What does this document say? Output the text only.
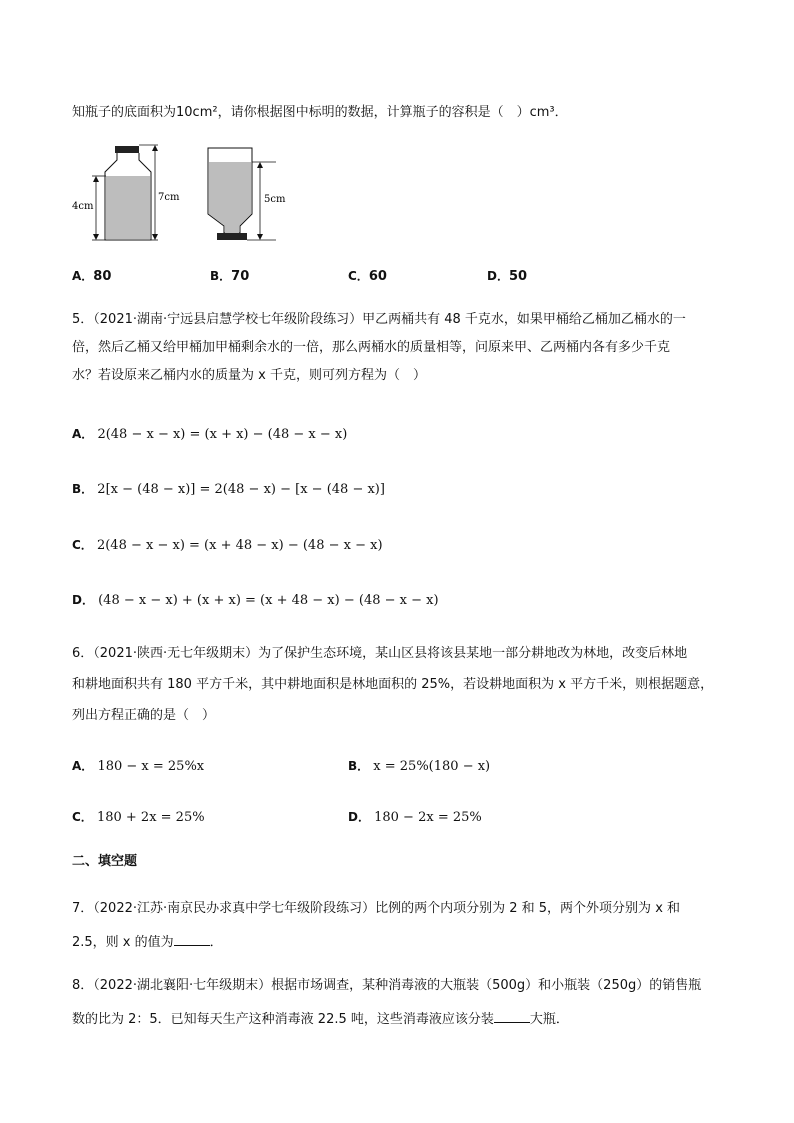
知瓶子的底面积为10cm²，请你根据图中标明的数据，计算瓶子的容积是（　）cm³．
4cm
7cm	5cm
A．80	B．70	C．60	D．50
5．（2021·湖南·宁远县启慧学校七年级阶段练习）甲乙两桶共有 48 千克水，如果甲桶给乙桶加乙桶水的一
倍，然后乙桶又给甲桶加甲桶剩余水的一倍，那么两桶水的质量相等，问原来甲、乙两桶内各有多少千克
水？若设原来乙桶内水的质量为 x 千克，则可列方程为（　）
A． 2(48 − x − x) = (x + x) − (48 − x − x)
B． 2[x − (48 − x)] = 2(48 − x) − [x − (48 − x)]
C． 2(48 − x − x) = (x + 48 − x) − (48 − x − x)
D． (48 − x − x) + (x + x) = (x + 48 − x) − (48 − x − x)
6．（2021·陕西·无七年级期末）为了保护生态环境，某山区县将该县某地一部分耕地改为林地，改变后林地
和耕地面积共有 180 平方千米，其中耕地面积是林地面积的 25%，若设耕地面积为 x 平方千米，则根据题意，
列出方程正确的是（　）
A． 180 − x = 25%x	B． x = 25%(180 − x)
C． 180 + 2x = 25%	D． 180 − 2x = 25%
二、填空题
7．（2022·江苏·南京民办求真中学七年级阶段练习）比例的两个内项分别为 2 和 5，两个外项分别为 x 和
2.5，则 x 的值为	．
8．（2022·湖北襄阳·七年级期末）根据市场调查，某种消毒液的大瓶装（500g）和小瓶装（250g）的销售瓶
数的比为 2：5．已知每天生产这种消毒液 22.5 吨，这些消毒液应该分装	大瓶．
